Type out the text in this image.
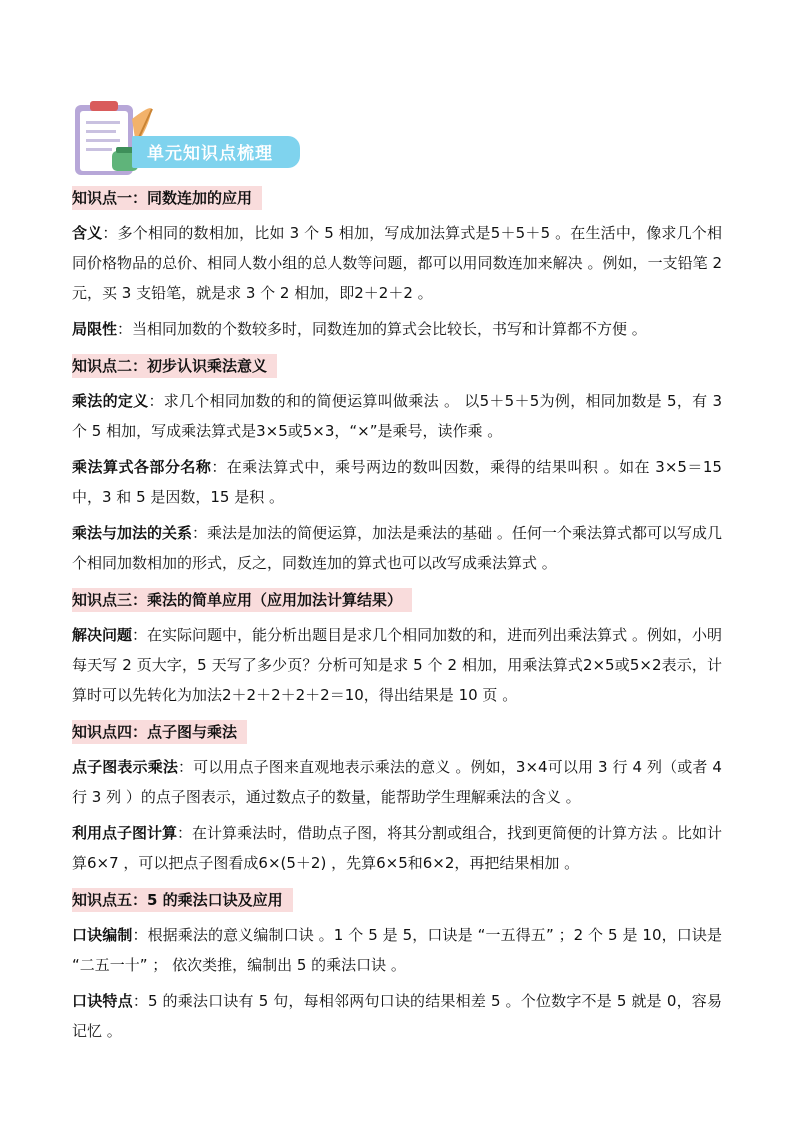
单元知识点梳理
知识点一：同数连加的应用

含义：多个相同的数相加，比如 3 个 5 相加，写成加法算式是5＋5＋5 。在生活中，像求几个相同价格物品的总价、相同人数小组的总人数等问题，都可以用同数连加来解决 。例如，一支铅笔 2 元，买 3 支铅笔，就是求 3 个 2 相加，即2＋2＋2 。

局限性：当相同加数的个数较多时，同数连加的算式会比较长，书写和计算都不方便 。

知识点二：初步认识乘法意义

乘法的定义：求几个相同加数的和的简便运算叫做乘法 。 以5＋5＋5为例，相同加数是 5，有 3 个 5 相加，写成乘法算式是3×5或5×3，“×”是乘号，读作乘 。

乘法算式各部分名称：在乘法算式中，乘号两边的数叫因数，乘得的结果叫积 。如在 3×5＝15中，3 和 5 是因数，15 是积 。

乘法与加法的关系：乘法是加法的简便运算，加法是乘法的基础 。任何一个乘法算式都可以写成几个相同加数相加的形式，反之，同数连加的算式也可以改写成乘法算式 。

知识点三：乘法的简单应用（应用加法计算结果）

解决问题：在实际问题中，能分析出题目是求几个相同加数的和，进而列出乘法算式 。例如，小明每天写 2 页大字，5 天写了多少页？分析可知是求 5 个 2 相加，用乘法算式2×5或5×2表示，计算时可以先转化为加法2＋2＋2＋2＋2＝10，得出结果是 10 页 。

知识点四：点子图与乘法

点子图表示乘法：可以用点子图来直观地表示乘法的意义 。例如，3×4可以用 3 行 4 列（或者 4 行 3 列 ）的点子图表示，通过数点子的数量，能帮助学生理解乘法的含义 。

利用点子图计算：在计算乘法时，借助点子图，将其分割或组合，找到更简便的计算方法 。比如计算6×7 ，可以把点子图看成6×(5＋2) ，先算6×5和6×2，再把结果相加 。

知识点五：5 的乘法口诀及应用

口诀编制：根据乘法的意义编制口诀 。1 个 5 是 5，口诀是 “一五得五” ；2 个 5 是 10，口诀是 “二五一十” ； 依次类推，编制出 5 的乘法口诀 。

口诀特点：5 的乘法口诀有 5 句，每相邻两句口诀的结果相差 5 。个位数字不是 5 就是 0，容易记忆 。
